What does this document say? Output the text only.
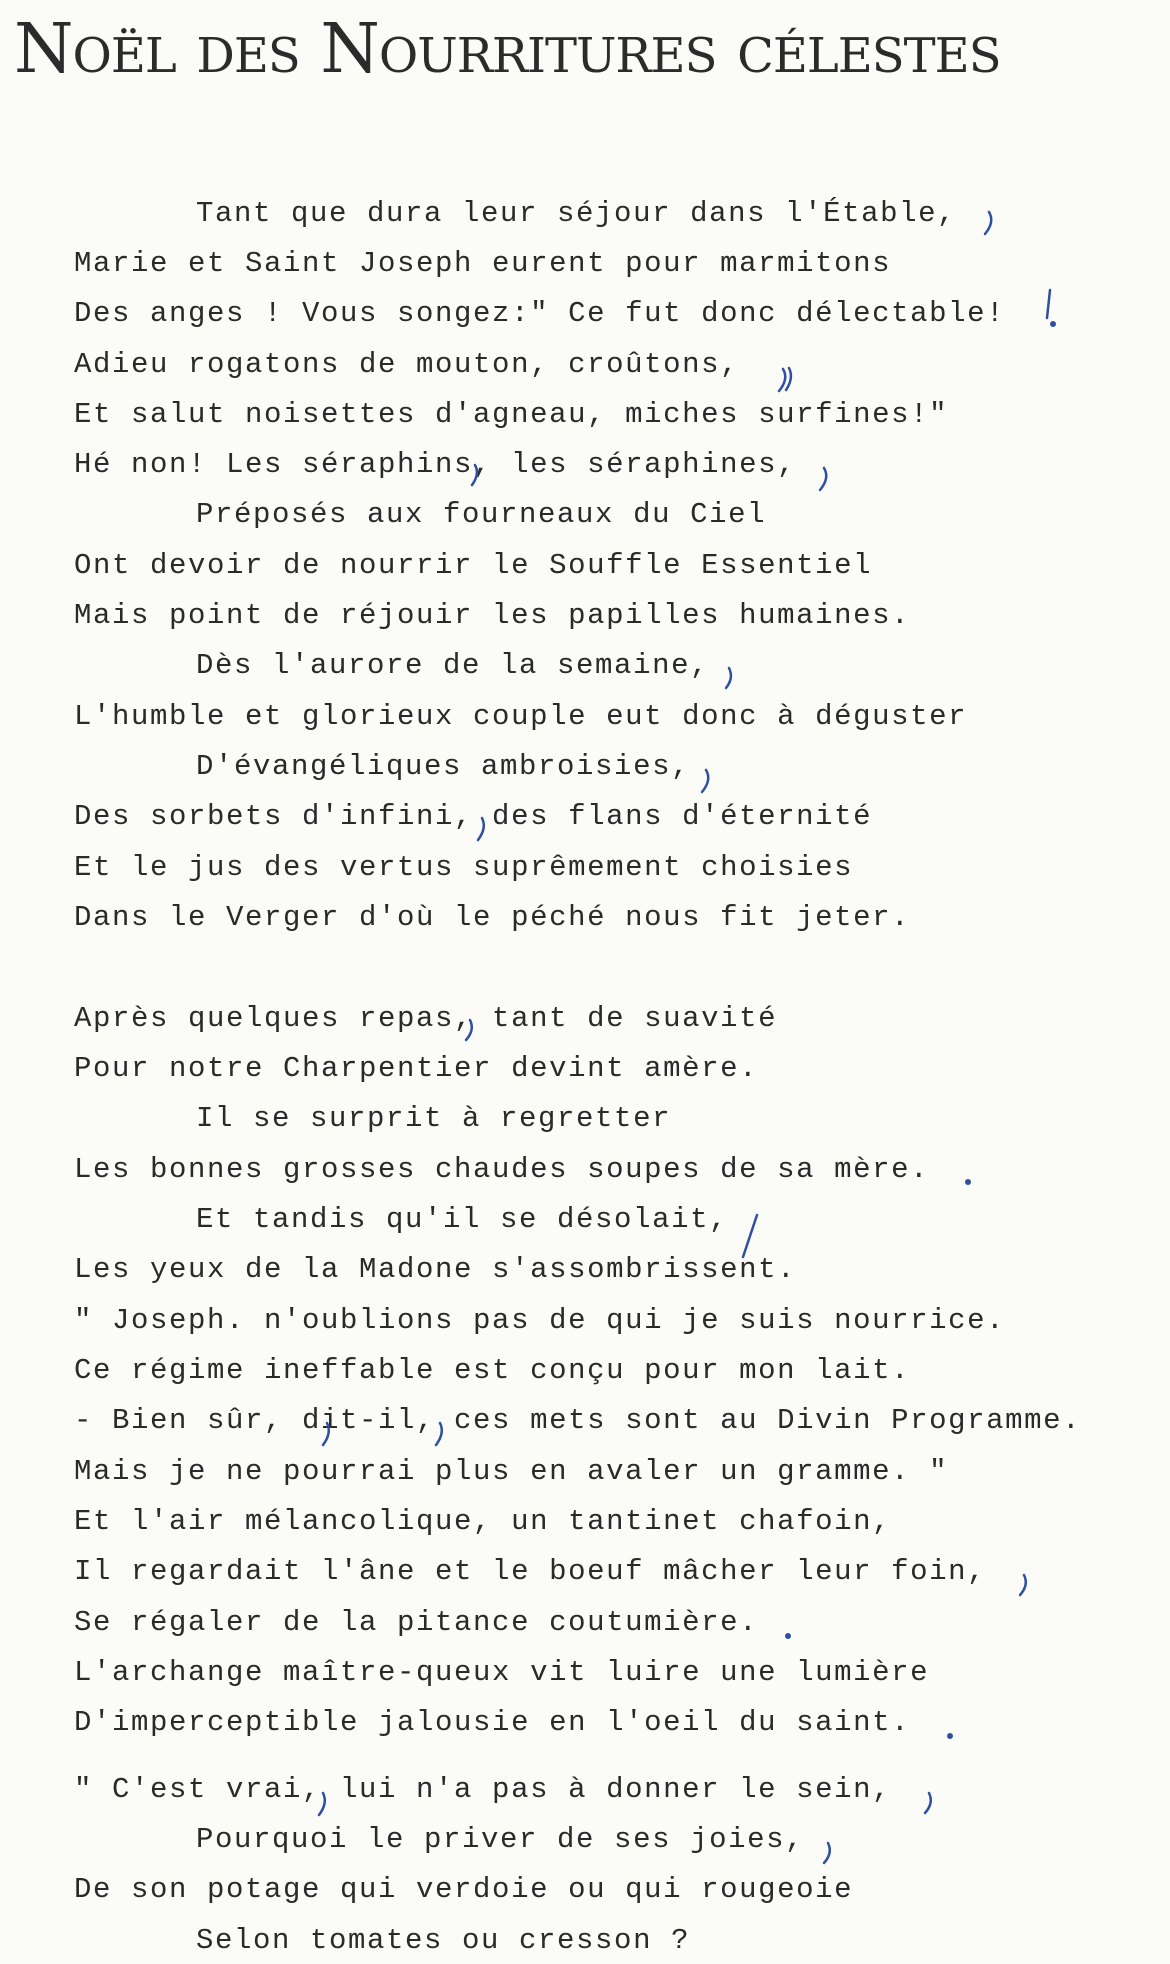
Noël des Nourritures célestes
Tant que dura leur séjour dans l'Étable,
Marie et Saint Joseph eurent pour marmitons
Des anges ! Vous songez:" Ce fut donc délectable!
Adieu rogatons de mouton, croûtons,
Et salut noisettes d'agneau, miches surfines!"
Hé non! Les séraphins, les séraphines,
Préposés aux fourneaux du Ciel
Ont devoir de nourrir le Souffle Essentiel
Mais point de réjouir les papilles humaines.
Dès l'aurore de la semaine,
L'humble et glorieux couple eut donc à déguster
D'évangéliques ambroisies,
Des sorbets d'infini, des flans d'éternité
Et le jus des vertus suprêmement choisies
Dans le Verger d'où le péché nous fit jeter.
Après quelques repas, tant de suavité
Pour notre Charpentier devint amère.
Il se surprit à regretter
Les bonnes grosses chaudes soupes de sa mère.
Et tandis qu'il se désolait,
Les yeux de la Madone s'assombrissent.
" Joseph. n'oublions pas de qui je suis nourrice.
Ce régime ineffable est conçu pour mon lait.
- Bien sûr, dit-il, ces mets sont au Divin Programme.
Mais je ne pourrai plus en avaler un gramme. "
Et l'air mélancolique, un tantinet chafoin,
Il regardait l'âne et le boeuf mâcher leur foin,
Se régaler de la pitance coutumière.
L'archange maître-queux vit luire une lumière
D'imperceptible jalousie en l'oeil du saint.
" C'est vrai, lui n'a pas à donner le sein,
Pourquoi le priver de ses joies,
De son potage qui verdoie ou qui rougeoie
Selon tomates ou cresson ?
